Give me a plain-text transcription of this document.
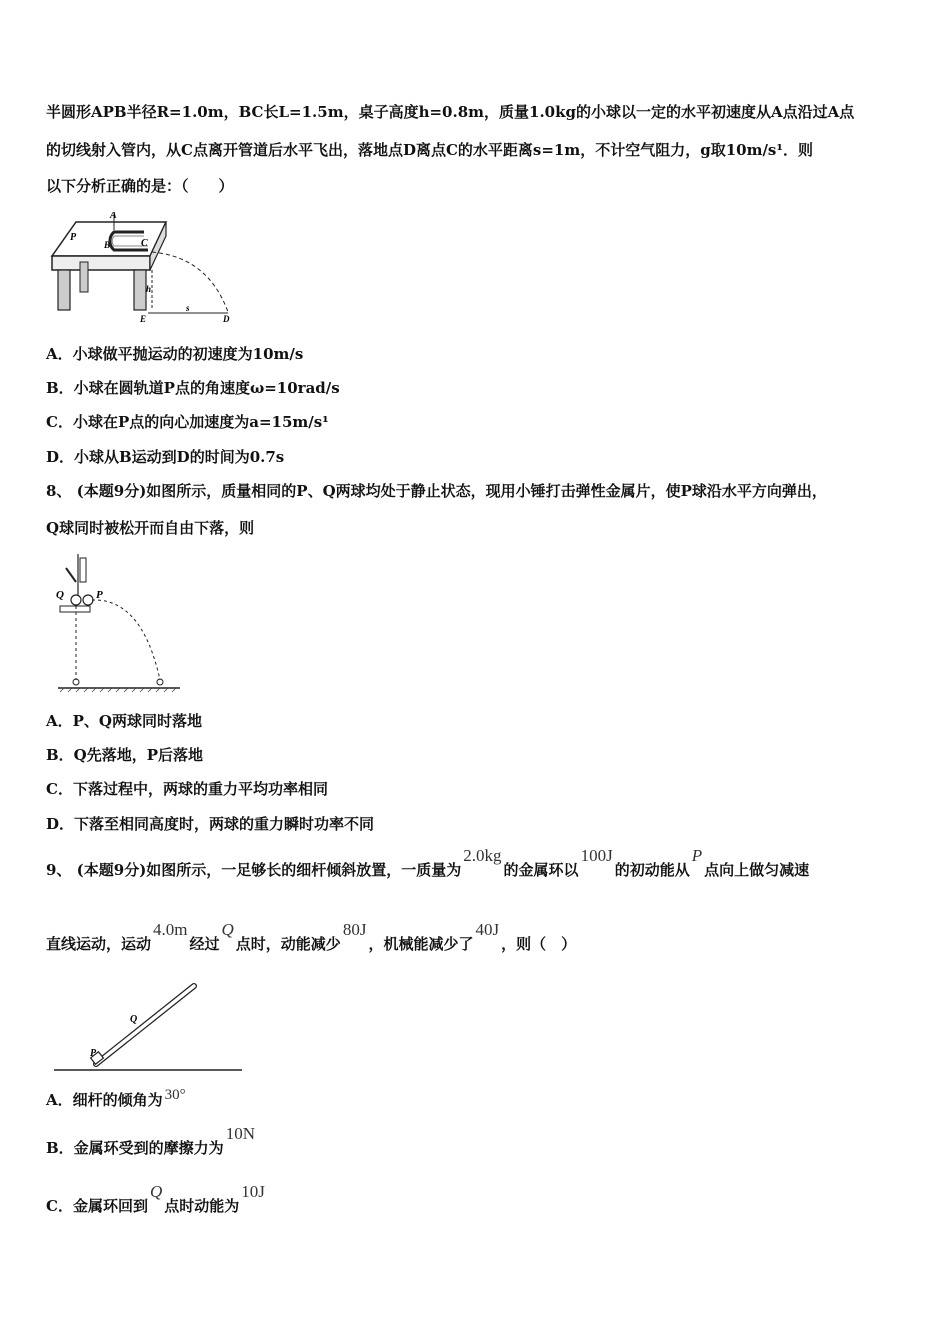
半圆形APB半径R=1.0m，BC长L=1.5m，桌子高度h=0.8m，质量1.0kg的小球以一定的水平初速度从A点沿过A点
的切线射入管内，从C点离开管道后水平飞出，落地点D离点C的水平距离s=1m，不计空气阻力，g取10m/s¹．则
以下分析正确的是：（　　）
A
P
B	C
h
E
s
D
A．小球做平抛运动的初速度为10m/s
B．小球在圆轨道P点的角速度ω=10rad/s
C．小球在P点的向心加速度为a=15m/s¹
D．小球从B运动到D的时间为0.7s
8、 (本题9分)如图所示，质量相同的P、Q两球均处于静止状态，现用小锤打击弹性金属片，使P球沿水平方向弹出，
Q球同时被松开而自由下落，则
Q	P
A．P、Q两球同时落地
B．Q先落地，P后落地
C．下落过程中，两球的重力平均功率相同
D．下落至相同高度时，两球的重力瞬时功率不同
9、 (本题9分)如图所示，一足够长的细杆倾斜放置，一质量为2.0kg的金属环以100J的初动能从P点向上做匀减速
直线运动，运动4.0m经过Q点时，动能减少80J，机械能减少了40J，则（　）
Q
P
A．细杆的倾角为 30°
B．金属环受到的摩擦力为10N
C．金属环回到Q点时动能为10J
